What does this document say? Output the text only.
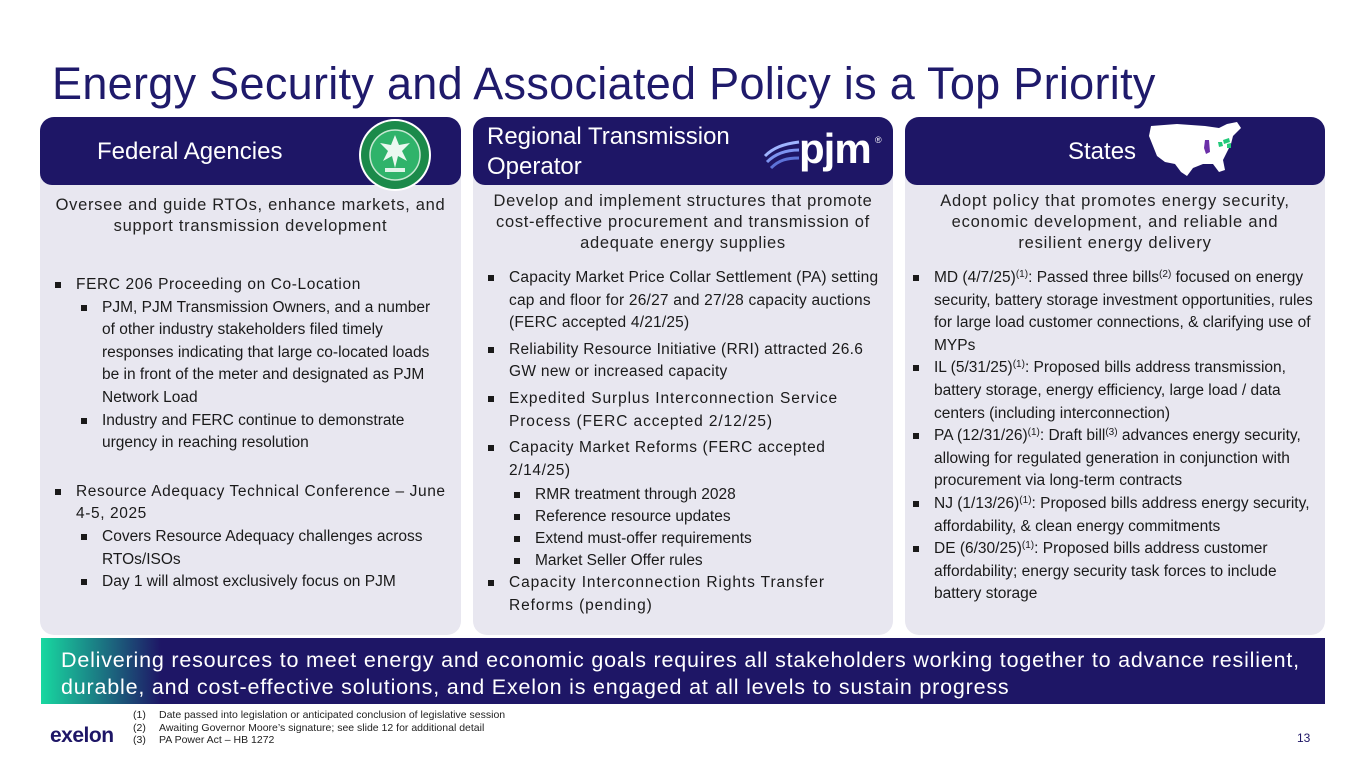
Energy Security and Associated Policy is a Top Priority
Federal Agencies
Oversee and guide RTOs, enhance markets, and support transmission development
FERC 206 Proceeding on Co-Location
PJM, PJM Transmission Owners, and a number of other industry stakeholders filed timely responses indicating that large co-located loads be in front of the meter and designated as PJM Network Load
Industry and FERC continue to demonstrate urgency in reaching resolution
Resource Adequacy Technical Conference – June 4-5, 2025
Covers Resource Adequacy challenges across RTOs/ISOs
Day 1 will almost exclusively focus on PJM
Regional Transmission Operator	pjm ®
Develop and implement structures that promote cost-effective procurement and transmission of adequate energy supplies
Capacity Market Price Collar Settlement (PA) setting cap and floor for 26/27 and 27/28 capacity auctions (FERC accepted 4/21/25)
Reliability Resource Initiative (RRI) attracted 26.6 GW new or increased capacity
Expedited Surplus Interconnection Service Process (FERC accepted 2/12/25)
Capacity Market Reforms (FERC accepted 2/14/25)
RMR treatment through 2028
Reference resource updates
Extend must-offer requirements
Market Seller Offer rules
Capacity Interconnection Rights Transfer Reforms (pending)
States
Adopt policy that promotes energy security, economic development, and reliable and resilient energy delivery
MD $(4/7/25)^{(1)}$: Passed three bills$^{(2)}$ focused on energy security, battery storage investment opportunities, rules for large load customer connections, & clarifying use of MYPs
IL $(5/31/25)^{(1)}$: Proposed bills address transmission, battery storage, energy efficiency, large load / data centers (including interconnection)
PA $(12/31/26)^{(1)}$: Draft bill$^{(3)}$ advances energy security, allowing for regulated generation in conjunction with procurement via long-term contracts
NJ $(1/13/26)^{(1)}$: Proposed bills address energy security, affordability, & clean energy commitments
DE $(6/30/25)^{(1)}$: Proposed bills address customer affordability; energy security task forces to include battery storage
Delivering resources to meet energy and economic goals requires all stakeholders working together to advance resilient, durable, and cost-effective solutions, and Exelon is engaged at all levels to sustain progress
exelon
(1) Date passed into legislation or anticipated conclusion of legislative session
(2) Awaiting Governor Moore’s signature; see slide 12 for additional detail
(3) PA Power Act – HB 1272	13
